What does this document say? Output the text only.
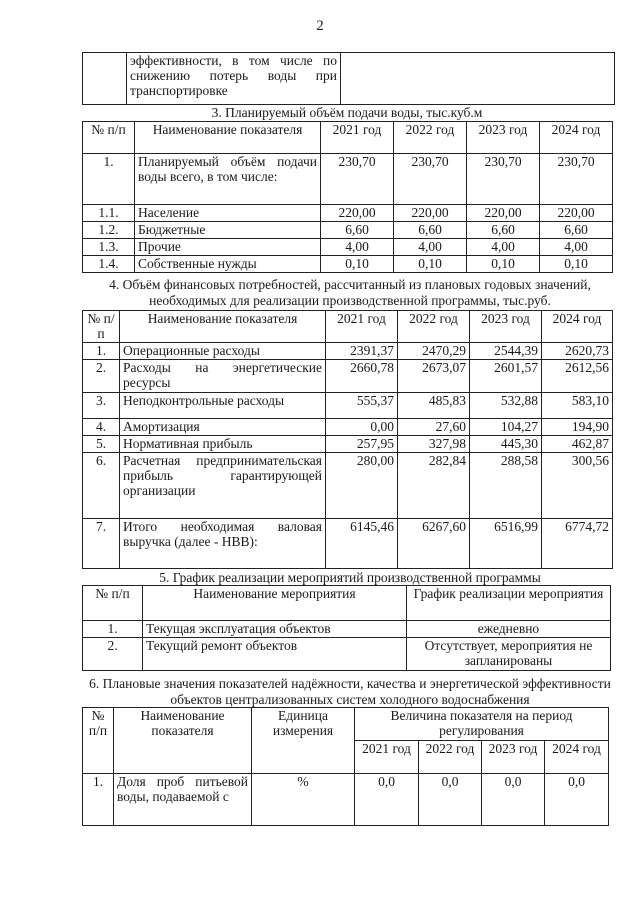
2
	эффективности, в том числе по снижению потерь воды при транспортировке	
3. Планируемый объём подачи воды, тыс.куб.м
№ п/п	Наименование показателя	2021 год	2022 год	2023 год	2024 год
1.	Планируемый объём подачи воды всего, в том числе:	230,70	230,70	230,70	230,70
1.1.	Население	220,00	220,00	220,00	220,00
1.2.	Бюджетные	6,60	6,60	6,60	6,60
1.3.	Прочие	4,00	4,00	4,00	4,00
1.4.	Собственные нужды	0,10	0,10	0,10	0,10
4. Объём финансовых потребностей, рассчитанный из плановых годовых значений, необходимых для реализации производственной программы, тыс.руб.
№ п/п	Наименование показателя	2021 год	2022 год	2023 год	2024 год
1.	Операционные расходы	2391,37	2470,29	2544,39	2620,73
2.	Расходы на энергетические ресурсы	2660,78	2673,07	2601,57	2612,56
3.	Неподконтрольные расходы	555,37	485,83	532,88	583,10
4.	Амортизация	0,00	27,60	104,27	194,90
5.	Нормативная прибыль	257,95	327,98	445,30	462,87
6.	Расчетная предпринимательская прибыль гарантирующей организации	280,00	282,84	288,58	300,56
7.	Итого необходимая валовая выручка (далее - НВВ):	6145,46	6267,60	6516,99	6774,72
5. График реализации мероприятий производственной программы
№ п/п	Наименование мероприятия	График реализации мероприятия
1.	Текущая эксплуатация объектов	ежедневно
2.	Текущий ремонт объектов	Отсутствует, мероприятия не запланированы
6. Плановые значения показателей надёжности, качества и энергетической эффективности объектов централизованных систем холодного водоснабжения
№ п/п	Наименование показателя	Единица измерения	Величина показателя на период регулирования			
			2021 год	2022 год	2023 год	2024 год
1.	Доля проб питьевой воды, подаваемой с	%	0,0	0,0	0,0	0,0
